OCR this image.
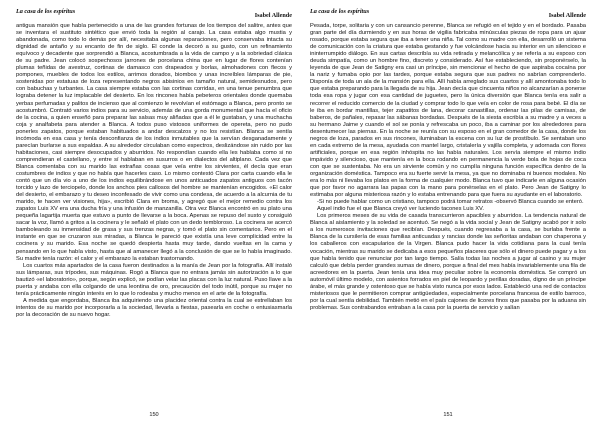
La casa de los espíritus
Isabel Allende

antigua mansión que había pertenecido a una de las grandes fortunas de los tiempos del salitre, antes que se inventara el sustituto sintético que envió toda la región al carajo. La casa estaba algo mustia y abandonada, como todo lo demás por allí, necesitaba algunas reparaciones, pero conservaba intacta su dignidad de antaño y su encanto de fin de siglo. El conde la decoró a su gusto, con un refinamiento equívoco y decadente que sorprendió a Blanca, acostumbrada a la vida de campo y a la sobriedad clásica de su padre. Jean colocó sospechosos jarrones de porcelana china que en lugar de flores contenían plumas teñidas de avestruz, cortinas de damasco con drapeados y borlas, almohadones con flecos y pompones, muebles de todos los estilos, arrimos dorados, biombos y unas increíbles lámparas de pie, sostenidas por estatuas de loza representando negros abisinios en tamaño natural, semidesnudos, pero con babuchas y turbantes. La casa siempre estaba con las cortinas corridas, en una tenue penumbra que lograba detener la luz implacable del desierto. En los rincones había pebeteros orientales donde quemaba yerbas perfumadas y palitos de incienso que al comienzo le revolvían el estómago a Blanca, pero pronto se acostumbró. Contrató varios indios para su servicio, además de una gorda monumental que hacía el oficio de la cocina, a quien enseñó para preparar las salsas muy aliñadas que a él le gustaban, y una muchacha coja y analfabeta para atender a Blanca. A todos puso vistosos uniformes de opereta, pero no pudo ponerles zapatos, porque estaban habituados a andar descalzos y no los resistían. Blanca se sentía incómoda en esa casa y tenía desconfianza de los indios inmutables que la servían desganadamente y parecían burlarse a sus espaldas. A su alrededor circulaban como espectros, deslizándose sin ruido por las habitaciones, casi siempre desocupados y aburridos. No respondían cuando ella les hablaba como si no comprendieran el castellano, y entre sí hablaban en susurros o en dialectos del altiplano. Cada vez que Blanca comentaba con su marido las extrañas cosas que veía entre los sirvientes, él decía que eran costumbres de indios y que no había que hacerles caso. Lo mismo contestó Clara por carta cuando ella le contó que un día vio a uno de los indios equilibrándose en unos anticuados zapatos antiguos con tacón torcido y lazo de terciopelo, donde los anchos pies callosos del hombre se mantenían encogidos. «El calor del desierto, el embarazo y tu deseo inconfesado de vivir como una condesa, de acuerdo a la alcurnia de tu marido, te hacen ver visiones, hija», escribió Clara en broma, y agregó que el mejor remedio contra los zapatos Luis XV era una ducha fría y una infusión de manzanilla. Otra vez Blanca encontró en su plato una pequeña lagartija muerta que estuvo a punto de llevarse a la boca. Apenas se repuso del susto y consiguió sacar la voz, llamó a gritos a la cocinera y le señaló el plato con un dedo tembloroso. La cocinera se acercó bamboleando su inmensidad de grasa y sus trenzas negras, y tomó el plato sin comentarios. Pero en el instante en que se cruzaron sus miradas, a Blanca le pareció que existía una leve complicidad entre la cocinera y su marido. Esa noche se quedó despierta hasta muy tarde, dando vueltas en la cama y pensando en lo que había visto, hasta que al amanecer llegó a la conclusión de que se lo había imaginado. Su madre tenía razón: el calor y el embarazo la estaban trastornando.

Los cuartos más apartados de la casa fueron destinados a la manía de Jean por la fotografía. Allí instaló sus lámparas, sus trípodes, sus máquinas. Rogó a Blanca que no entrara jamás sin autorización a lo que bautizó «el laboratorio», porque, según explicó, se podían velar las placas con la luz natural. Puso llave a la puerta y andaba con ella colgando de una leontina de oro, precaución del todo inútil, porque su mujer no tenía prácticamente ningún interés en lo que lo rodeaba y mucho menos en el arte de la fotografía.

A medida que engordaba, Blanca iba adquiriendo una placidez oriental contra la cual se estrellaban los intentos de su marido por incorporarla a la sociedad, llevarla a fiestas, pasearla en coche o entusiasmarla por la decoración de su nuevo hogar.

150
La casa de los espíritus
Isabel Allende

Pesada, torpe, solitaria y con un cansancio perenne, Blanca se refugió en el tejido y en el bordado. Pasaba gran parte del día durmiendo y en sus horas de vigilia fabricaba minúsculas piezas de ropa para un ajuar rosado, porque estaba segura que iba a tener una niña. Tal como su madre con ella, desarrolló un sistema de comunicación con la criatura que estaba gestando y fue volcándose hacia su interior en un silencioso e ininterrumpido diálogo. En sus cartas describía su vida retirada y melancólica y se refería a su esposo con deuda simpatía, como un hombre fino, discreto y considerado. Así fue estableciendo, sin proponérselo, la leyenda de que Jean de Satigny era casi un príncipe, sin mencionar el hecho de que aspiraba cocaína por la nariz y fumaba opio por las tardes, porque estaba segura que sus padres no sabrían comprenderlo. Disponía de toda un ala de la mansión para ella. Allí había arreglado sus cuartos y allí amontonaba todo lo que estaba preparando para la llegada de su hija. Jean decía que cincuenta niños no alcanzarían a ponerse toda esa ropa y jugar con esa cantidad de juguetes, pero la única diversión que Blanca tenía era salir a recorrer el reducido comercio de la ciudad y comprar todo lo que veía en color de rosa para bebé. El día se le iba en bordar mantillas, tejer zapatitos de lana, decorar canastillas, ordenar las pilas de camisas, de baberos, de pañales, repasar las sábanas bordadas. Después de la siesta escribía a su madre y a veces a su hermano Jaime y cuando el sol se ponía y refrescaba un poco, iba a caminar por los alrededores para desentumecer las piernas. En la noche se reunía con su esposo en el gran comedor de la casa, donde los negros de loza, parados en sus rincones, iluminaban la escena con su luz de prostíbulo. Se sentaban uno en cada extremo de la mesa, ayudada con mantel largo, cristalería y vajilla completa, y adornada con flores artificiales, porque en esa región inhóspita no las había naturales. Los servía siempre el mismo indio impávido y silencioso, que mantenía en la boca rodando en permanencia la verde bola de hojas de coca con que se sustentaba. No era un sirviente común y no cumplía ninguna función específica dentro de la organización doméstica. Tampoco era su fuerte servir la mesa, ya que no dominaba ni buenos modales. No era lo más ni llevaba los platos en la forma de cualquier modo. Blanca tuvo que indicarle en alguna ocasión que por favor no agarrara las papas con la mano para ponérselas en el plato. Pero Jean de Satigny lo estimaba por alguna misteriosa razón y lo estaba entrenando para que fuera su ayudante en el laboratorio.

-Si no puede hablar como un cristiano, tampoco podrá tomar retratos -observó Blanca cuando se enteró.

Aquel indio fue el que Blanca creyó ver luciendo tacones Luis XV.

Los primeros meses de su vida de casada transcurrieron apacibles y aburridos. La tendencia natural de Blanca al aislamiento y la soledad se acentuó. Se negó a la vida social y Jean de Satigny acabó por ir solo a los numerosos invitaciones que recibían. Después, cuando regresaba a la casa, se burlaba frente a Blanca de la cursilería de esas familias anticuadas y rancias donde las señoritas andaban con chaperona y los caballeros con escapularios de la Virgen. Blanca pudo hacer la vida cotidiana para la cual tenía vocación, mientras su marido se dedicaba a esos pequeños placeres que sólo el dinero puede pagar y a los que había tenido que renunciar por tan largo tiempo. Salía todas las noches a jugar al casino y su mujer calculó que debía perder grandes sumas de dinero, porque a final del mes había invariablemente una fila de acreedores en la puerta. Jean tenía una idea muy peculiar sobre la economía doméstica. Se compró un automóvil último modelo, con asientos forrados en piel de leopardo y perillas doradas, digno de un príncipe árabe, el más grande y ostentoso que se había visto nunca por esos lados. Estableció una red de contactos misteriosos que le permitieron comprar antigüedades, especialmente porcelana francesa de estilo barroco, por la cual sentía debilidad. También metió en el país cajones de licores finos que pasaba por la aduana sin problemas. Sus contrabandos entraban a la casa por la puerta de servicio y salían

151
